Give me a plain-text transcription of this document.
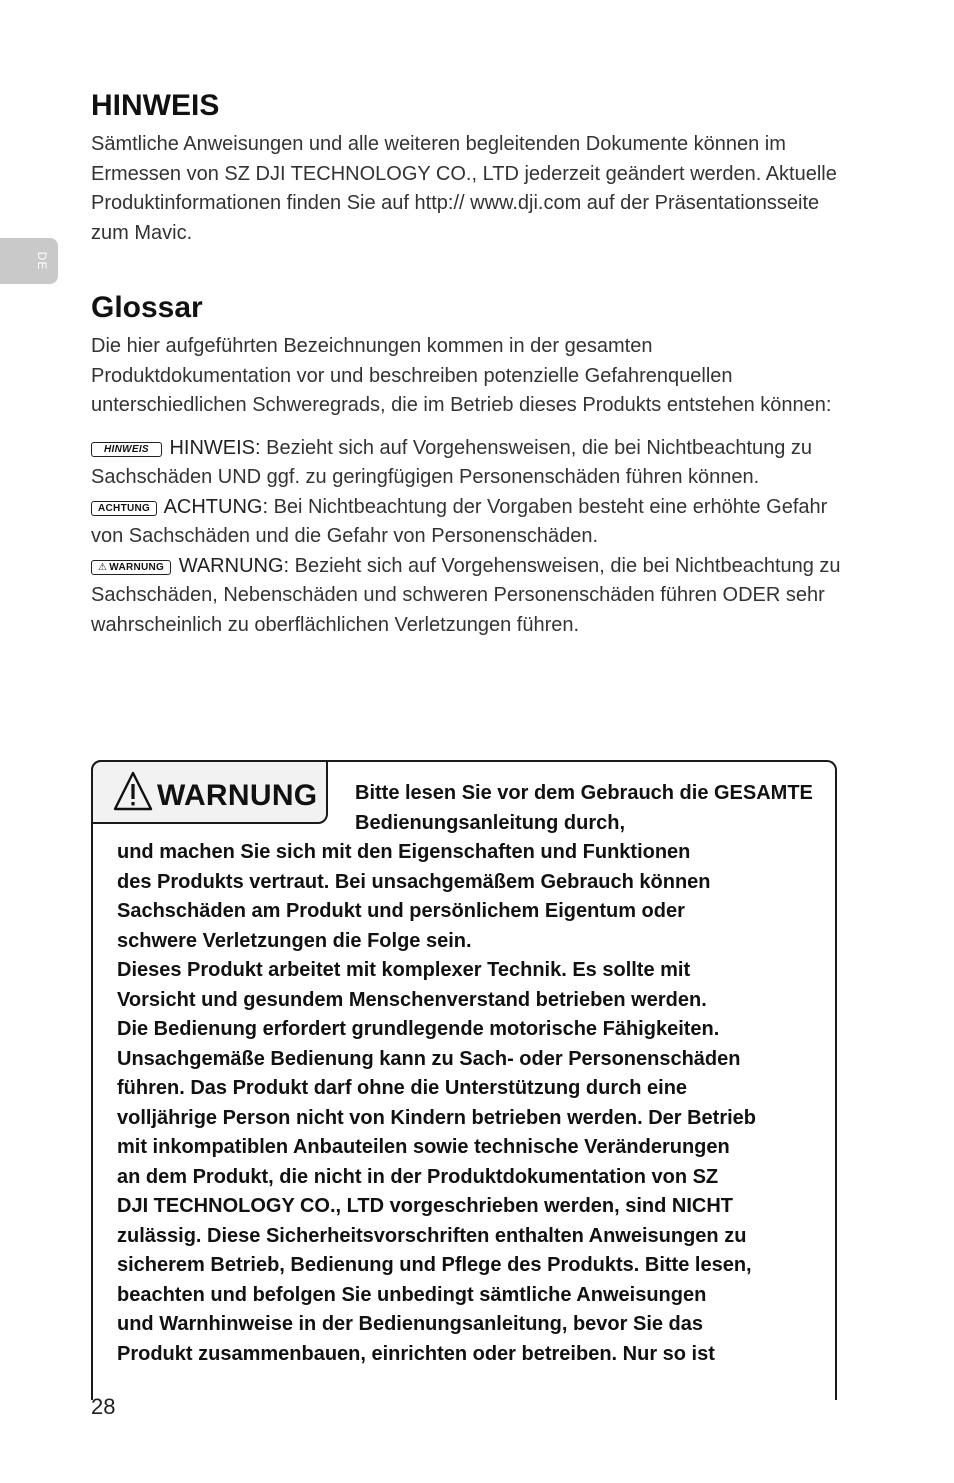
DE
HINWEIS

Sämtliche Anweisungen und alle weiteren begleitenden Dokumente können im Ermessen von SZ DJI TECHNOLOGY CO., LTD jederzeit geändert werden. Aktuelle Produktinformationen finden Sie auf http:// www.dji.com auf der Präsentationsseite zum Mavic.

Glossar

Die hier aufgeführten Bezeichnungen kommen in der gesamten Produktdokumentation vor und beschreiben potenzielle Gefahrenquellen unterschiedlichen Schweregrads, die im Betrieb dieses Produkts entstehen können:

HINWEIS HINWEIS: Bezieht sich auf Vorgehensweisen, die bei Nichtbeachtung zu Sachschäden UND ggf. zu geringfügigen Personenschäden führen können.
ACHTUNG ACHTUNG: Bei Nichtbeachtung der Vorgaben besteht eine erhöhte Gefahr von Sachschäden und die Gefahr von Personenschäden.
⚠ WARNUNG WARNUNG: Bezieht sich auf Vorgehensweisen, die bei Nichtbeachtung zu Sachschäden, Nebenschäden und schweren Personenschäden führen ODER sehr wahrscheinlich zu oberflächlichen Verletzungen führen.
WARNUNG Bitte lesen Sie vor dem Gebrauch die GESAMTE Bedienungsanleitung durch,
und machen Sie sich mit den Eigenschaften und Funktionen
des Produkts vertraut. Bei unsachgemäßem Gebrauch können
Sachschäden am Produkt und persönlichem Eigentum oder
schwere Verletzungen die Folge sein.
Dieses Produkt arbeitet mit komplexer Technik. Es sollte mit
Vorsicht und gesundem Menschenverstand betrieben werden.
Die Bedienung erfordert grundlegende motorische Fähigkeiten.
Unsachgemäße Bedienung kann zu Sach- oder Personenschäden
führen. Das Produkt darf ohne die Unterstützung durch eine
volljährige Person nicht von Kindern betrieben werden. Der Betrieb
mit inkompatiblen Anbauteilen sowie technische Veränderungen
an dem Produkt, die nicht in der Produktdokumentation von SZ
DJI TECHNOLOGY CO., LTD vorgeschrieben werden, sind NICHT
zulässig. Diese Sicherheitsvorschriften enthalten Anweisungen zu
sicherem Betrieb, Bedienung und Pflege des Produkts. Bitte lesen,
beachten und befolgen Sie unbedingt sämtliche Anweisungen
und Warnhinweise in der Bedienungsanleitung, bevor Sie das
Produkt zusammenbauen, einrichten oder betreiben. Nur so ist
28
